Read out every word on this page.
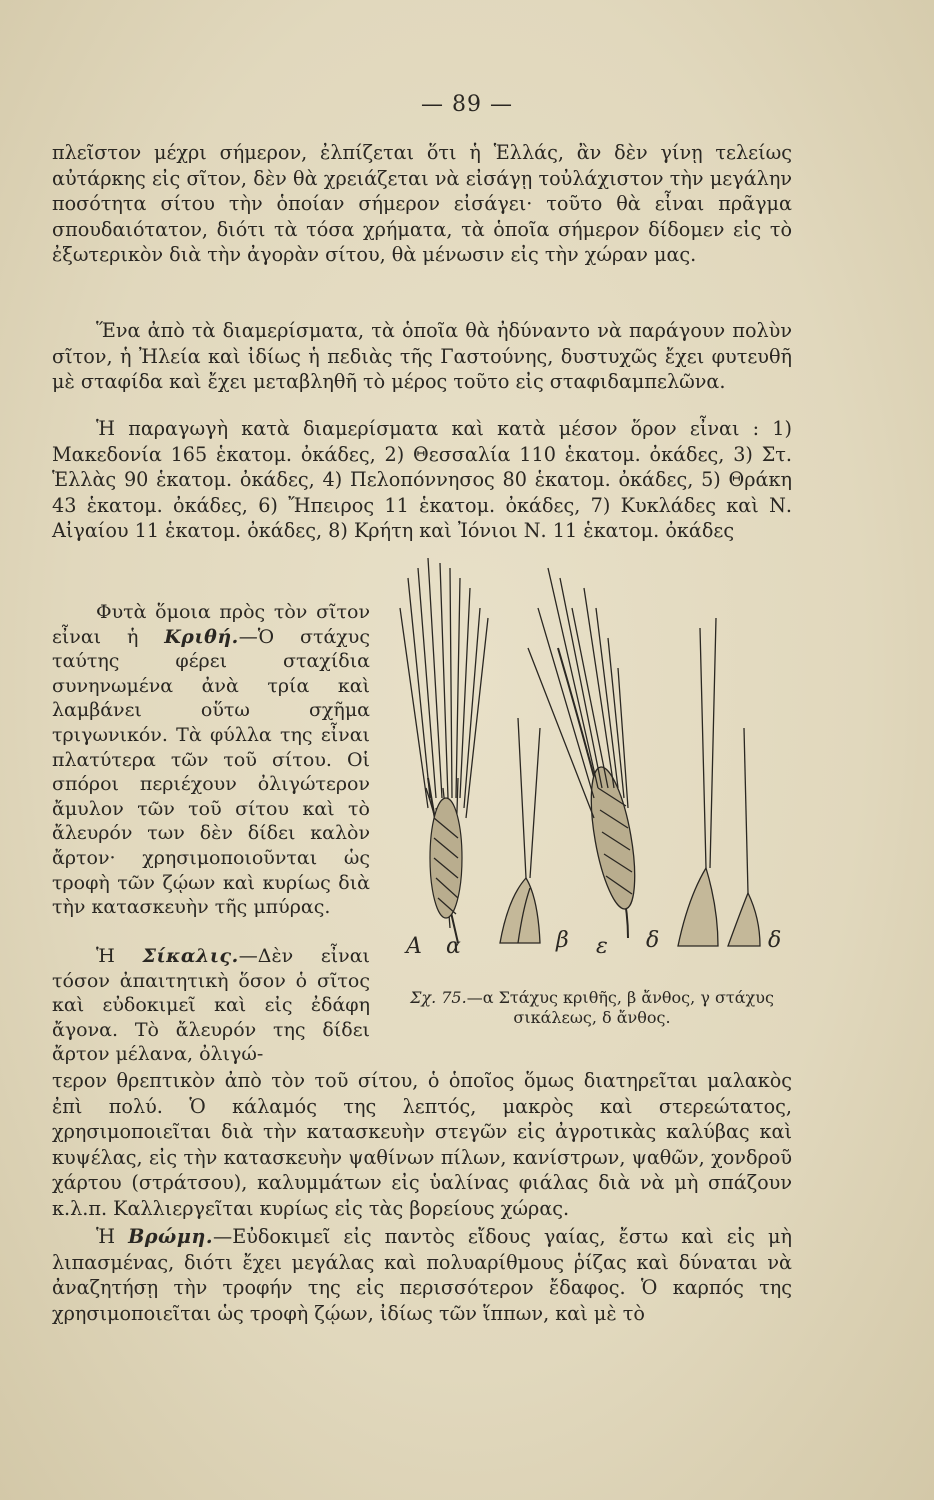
— 89 —

πλεῖστον μέχρι σήμερον, ἐλπίζεται ὅτι ἡ Ἑλλάς, ἂν δὲν γίνῃ τελείως αὐτάρκης εἰς σῖτον, δὲν θὰ χρειάζεται νὰ εἰσάγῃ τοὐλάχιστον τὴν μεγάλην ποσότητα σίτου τὴν ὁποίαν σήμερον εἰσάγει· τοῦτο θὰ εἶναι πρᾶγμα σπουδαιότατον, διότι τὰ τόσα χρήματα, τὰ ὁποῖα σήμερον δίδομεν εἰς τὸ ἐξωτερικὸν διὰ τὴν ἀγορὰν σίτου, θὰ μένωσιν εἰς τὴν χώραν μας.

Ἕνα ἀπὸ τὰ διαμερίσματα, τὰ ὁποῖα θὰ ἠδύναντο νὰ παράγουν πολὺν σῖτον, ἡ Ἠλεία καὶ ἰδίως ἡ πεδιὰς τῆς Γαστούνης, δυστυχῶς ἔχει φυτευθῆ μὲ σταφίδα καὶ ἔχει μεταβληθῆ τὸ μέρος τοῦτο εἰς σταφιδαμπελῶνα.

Ἡ παραγωγὴ κατὰ διαμερίσματα καὶ κατὰ μέσον ὅρον εἶναι : 1) Μακεδονία 165 ἑκατομ. ὀκάδες, 2) Θεσσαλία 110 ἑκατομ. ὀκάδες, 3) Στ. Ἑλλὰς 90 ἑκατομ. ὀκάδες, 4) Πελοπόννησος 80 ἑκατομ. ὀκάδες, 5) Θράκη 43 ἑκατομ. ὀκάδες, 6) Ἤπειρος 11 ἑκατομ. ὀκάδες, 7) Κυκλάδες καὶ Ν. Αἰγαίου 11 ἑκατομ. ὀκάδες, 8) Κρήτη καὶ Ἰόνιοι Ν. 11 ἑκατομ. ὀκάδες

Φυτὰ ὅμοια πρὸς τὸν σῖτον εἶναι ἡ Κριθή.—Ὁ στάχυς ταύτης φέρει σταχίδια συνηνωμένα ἀνὰ τρία καὶ λαμβάνει οὕτω σχῆμα τριγωνικόν. Τὰ φύλλα της εἶναι πλατύτερα τῶν τοῦ σίτου. Οἱ σπόροι περιέχουν ὀλιγώτερον ἄμυλον τῶν τοῦ σίτου καὶ τὸ ἄλευρόν των δὲν δίδει καλὸν ἄρτον· χρησιμοποιοῦνται ὡς τροφὴ τῶν ζῴων καὶ κυρίως διὰ τὴν κατασκευὴν τῆς μπύρας.

Ἡ Σίκαλις.—Δὲν εἶναι τόσον ἀπαιτητικὴ ὅσον ὁ σῖτος καὶ εὐδοκιμεῖ καὶ εἰς ἐδάφη ἄγονα. Τὸ ἄλευρόν της δίδει ἄρτον μέλανα, ὀλιγώ-

τερον θρεπτικὸν ἀπὸ τὸν τοῦ σίτου, ὁ ὁποῖος ὅμως διατηρεῖται μαλακὸς ἐπὶ πολύ. Ὁ κάλαμός της λεπτός, μακρὸς καὶ στερεώτατος, χρησιμοποιεῖται διὰ τὴν κατασκευὴν στεγῶν εἰς ἀγροτικὰς καλύβας καὶ κυψέλας, εἰς τὴν κατασκευὴν ψαθίνων πίλων, κανίστρων, ψαθῶν, χονδροῦ χάρτου (στράτσου), καλυμμάτων εἰς ὑαλίνας φιάλας διὰ νὰ μὴ σπάζουν κ.λ.π. Καλλιεργεῖται κυρίως εἰς τὰς βορείους χώρας.

Ἡ Βρώμη.—Εὐδοκιμεῖ εἰς παντὸς εἴδους γαίας, ἔστω καὶ εἰς μὴ λιπασμένας, διότι ἔχει μεγάλας καὶ πολυαρίθμους ῥίζας καὶ δύναται νὰ ἀναζητήσῃ τὴν τροφήν της εἰς περισσότερον ἔδαφος. Ὁ καρπός της χρησιμοποιεῖται ὡς τροφὴ ζῴων, ἰδίως τῶν ἵππων, καὶ μὲ τὸ

A α	β ε δ	δ
Σχ. 75.—α Στάχυς κριθῆς, β ἄνθος, γ στάχυς σικάλεως, δ ἄνθος.
